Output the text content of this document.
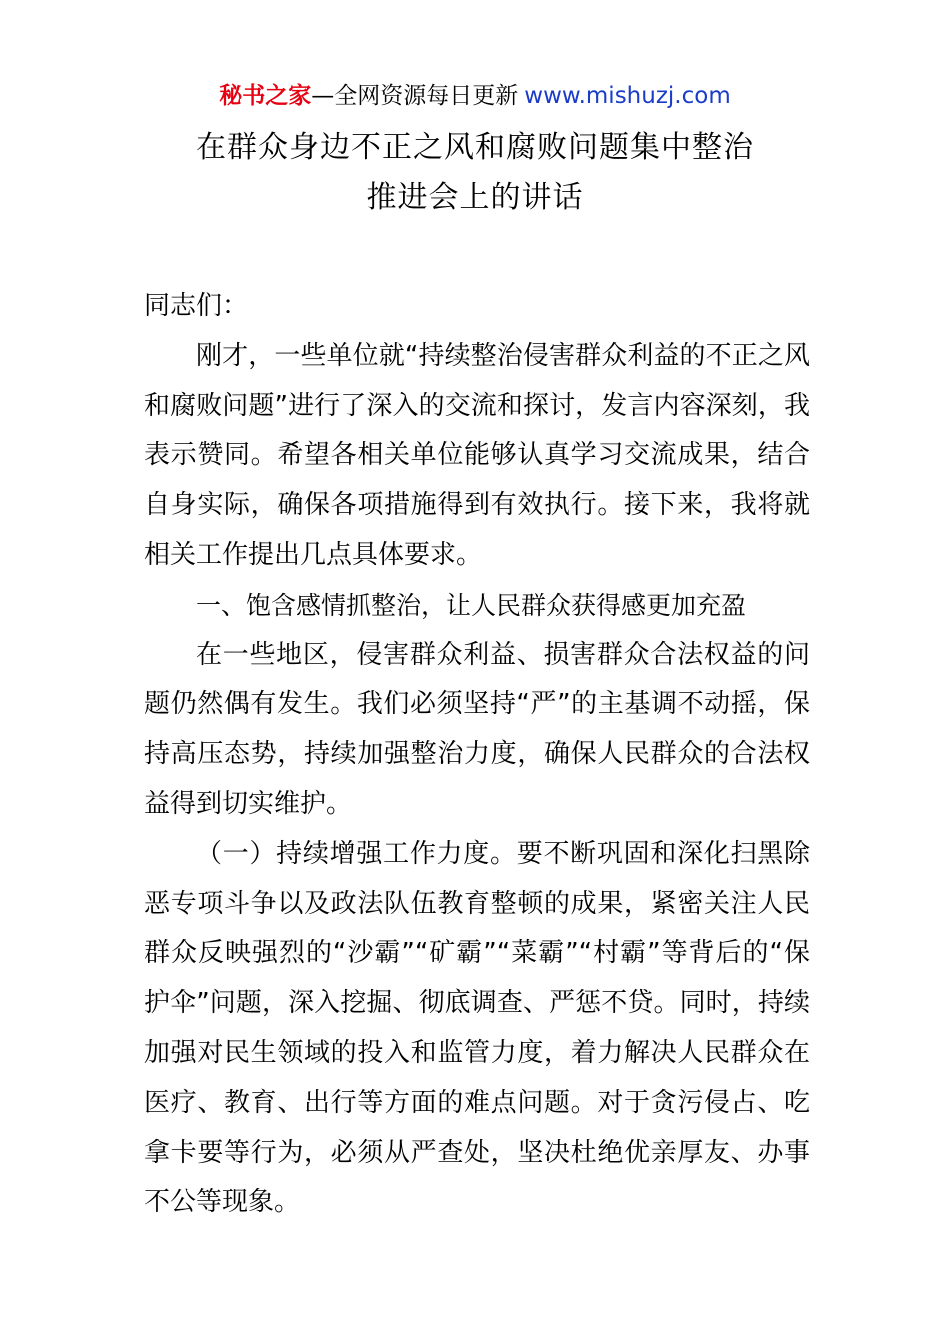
秘书之家—全网资源每日更新 www.mishuzj.com
在群众身边不正之风和腐败问题集中整治
推进会上的讲话

同志们：

刚才，一些单位就“持续整治侵害群众利益的不正之风和腐败问题”进行了深入的交流和探讨，发言内容深刻，我表示赞同。希望各相关单位能够认真学习交流成果，结合自身实际，确保各项措施得到有效执行。接下来，我将就相关工作提出几点具体要求。

一、饱含感情抓整治，让人民群众获得感更加充盈

在一些地区，侵害群众利益、损害群众合法权益的问题仍然偶有发生。我们必须坚持“严”的主基调不动摇，保持高压态势，持续加强整治力度，确保人民群众的合法权益得到切实维护。

（一）持续增强工作力度。要不断巩固和深化扫黑除恶专项斗争以及政法队伍教育整顿的成果，紧密关注人民群众反映强烈的“沙霸”“矿霸”“菜霸”“村霸”等背后的“保护伞”问题，深入挖掘、彻底调查、严惩不贷。同时，持续加强对民生领域的投入和监管力度，着力解决人民群众在医疗、教育、出行等方面的难点问题。对于贪污侵占、吃拿卡要等行为，必须从严查处，坚决杜绝优亲厚友、办事不公等现象。
